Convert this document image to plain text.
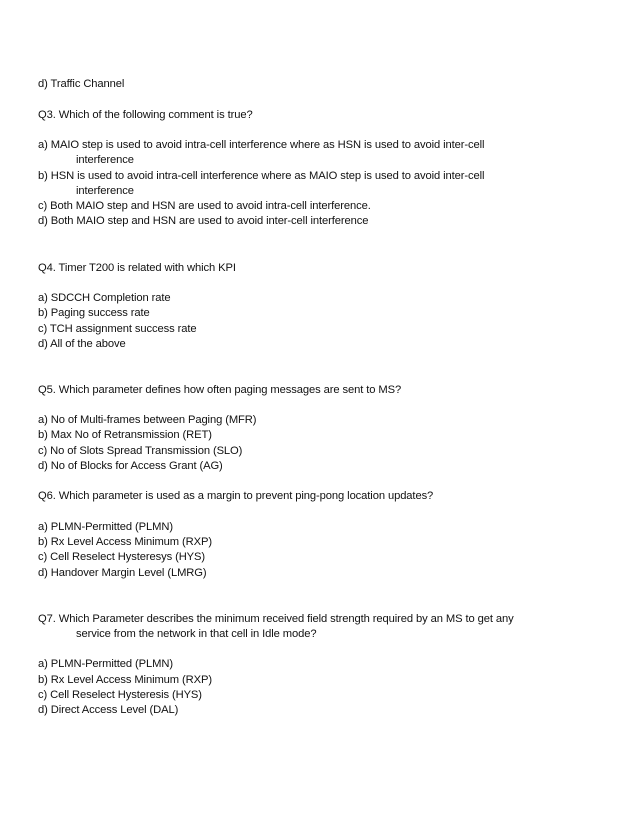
d) Traffic Channel
Q3. Which of the following comment is true?
a) MAIO step is used to avoid intra-cell interference where as HSN is used to avoid inter-cell
interference
b) HSN is used to avoid intra-cell interference where as MAIO step is used to avoid inter-cell
interference
c) Both MAIO step and HSN are used to avoid intra-cell interference.
d) Both MAIO step and HSN are used to avoid inter-cell interference
Q4. Timer T200 is related with which KPI
a) SDCCH Completion rate
b) Paging success rate
c) TCH assignment success rate
d) All of the above
Q5. Which parameter defines how often paging messages are sent to MS?
a) No of Multi-frames between Paging (MFR)
b) Max No of Retransmission (RET)
c) No of Slots Spread Transmission (SLO)
d) No of Blocks for Access Grant (AG)
Q6. Which parameter is used as a margin to prevent ping-pong location updates?
a) PLMN-Permitted (PLMN)
b) Rx Level Access Minimum (RXP)
c) Cell Reselect Hysteresys (HYS)
d) Handover Margin Level (LMRG)
Q7. Which Parameter describes the minimum received field strength required by an MS to get any
service from the network in that cell in Idle mode?
a) PLMN-Permitted (PLMN)
b) Rx Level Access Minimum (RXP)
c) Cell Reselect Hysteresis (HYS)
d) Direct Access Level (DAL)
